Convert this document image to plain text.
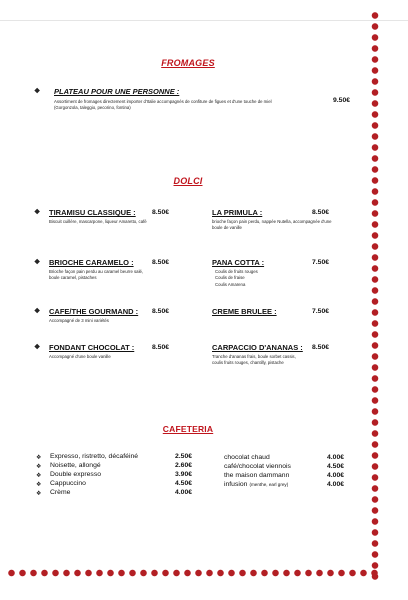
FROMAGES
❖ PLATEAU POUR UNE PERSONNE :
Assortiment de fromages directement importer d'Italie accompagnés de confiture de figues et d'une touche de miel
(Gorgonzola, taleggio, pecorino, fontina)
9.50€
DOLCI
❖ TIRAMISU CLASSIQUE :
Biscuit cuillère, mascarpone, liqueur Amaretto, café
8.50€	LA PRIMULA :
brioche façon pain perdu, nappée Nutella, accompagnée d'une
boule de vanille
8.50€
❖ BRIOCHE CARAMELO :
Brioche façon pain perdu au caramel beurre salé,
boule caramel, pistaches
8.50€	PANA COTTA :
Coulis de fruits rouges
Coulis de fraise
Coulis Amarena
7.50€
❖ CAFE/THE GOURMAND :
Accompagné de 3 mini variétés
8.50€	CREME BRULEE :	7.50€
❖ FONDANT CHOCOLAT :
Accompagné d'une boule vanille
8.50€	CARPACCIO D'ANANAS :
Tranche d'ananas frais, boule sorbet cassis,
coulis fruits rouges, chantilly, pistache
8.50€
CAFETERIA
❖ Expresso, ristretto, décaféiné	2.50€
❖ Noisette, allongé	2.60€
❖ Double expresso	3.90€
❖ Cappuccino	4.50€
❖ Crème	4.00€
chocolat chaud	4.00€
café/chocolat viennois	4.50€
the maison dammann	4.00€
infusion (menthe, earl grey)	4.00€
